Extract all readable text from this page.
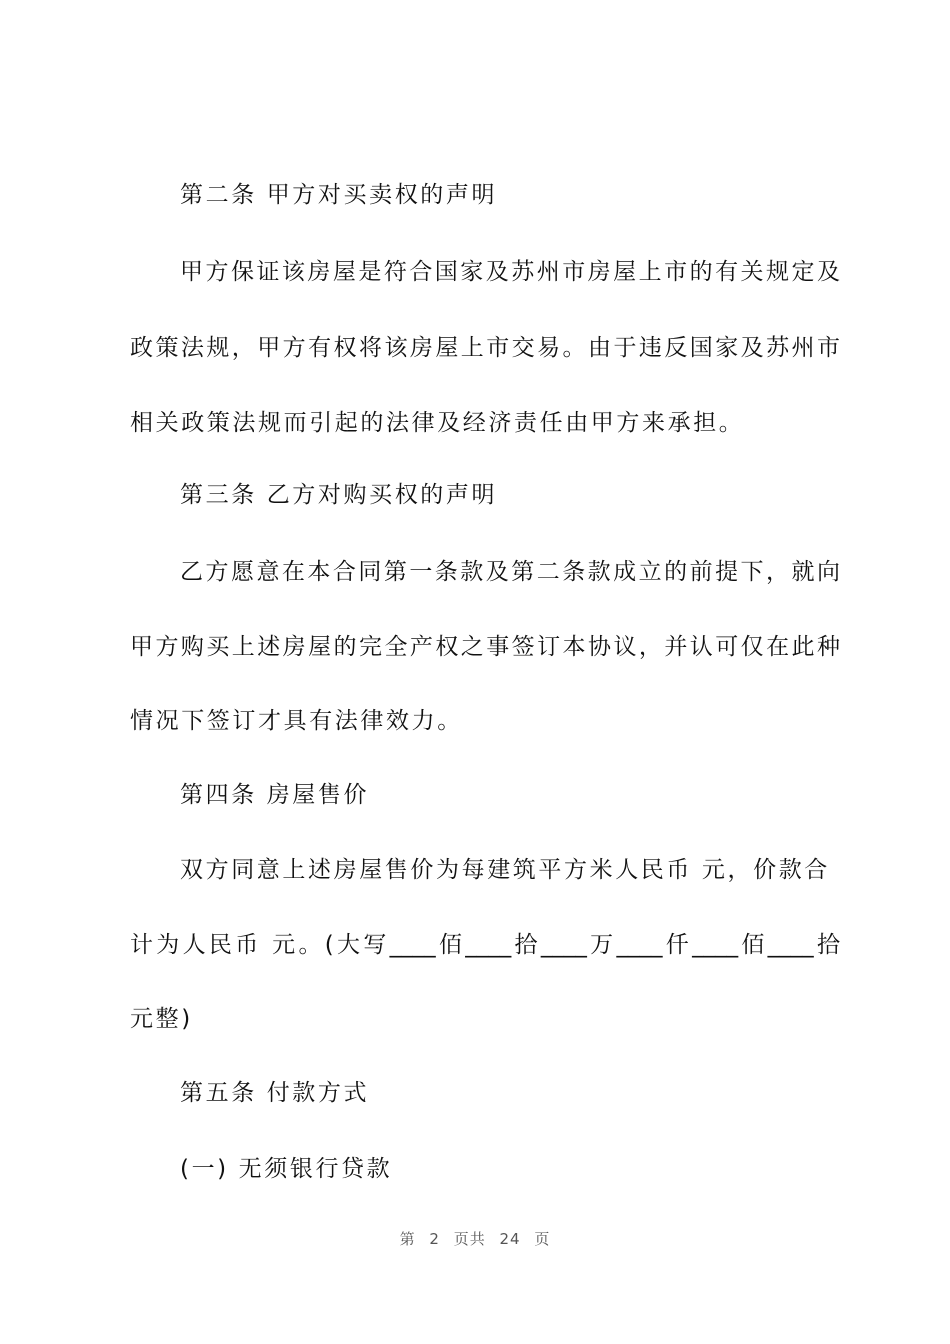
第二条 甲方对买卖权的声明
甲方保证该房屋是符合国家及苏州市房屋上市的有关规定及
政策法规，甲方有权将该房屋上市交易。由于违反国家及苏州市
相关政策法规而引起的法律及经济责任由甲方来承担。
第三条 乙方对购买权的声明
乙方愿意在本合同第一条款及第二条款成立的前提下，就向
甲方购买上述房屋的完全产权之事签订本协议，并认可仅在此种
情况下签订才具有法律效力。
第四条 房屋售价
双方同意上述房屋售价为每建筑平方米人民币 元，价款合
计为人民币 元。(大写____佰____拾____万____仟____佰____拾
元整)
第五条 付款方式
(一) 无须银行贷款
第 2 页共 24 页
